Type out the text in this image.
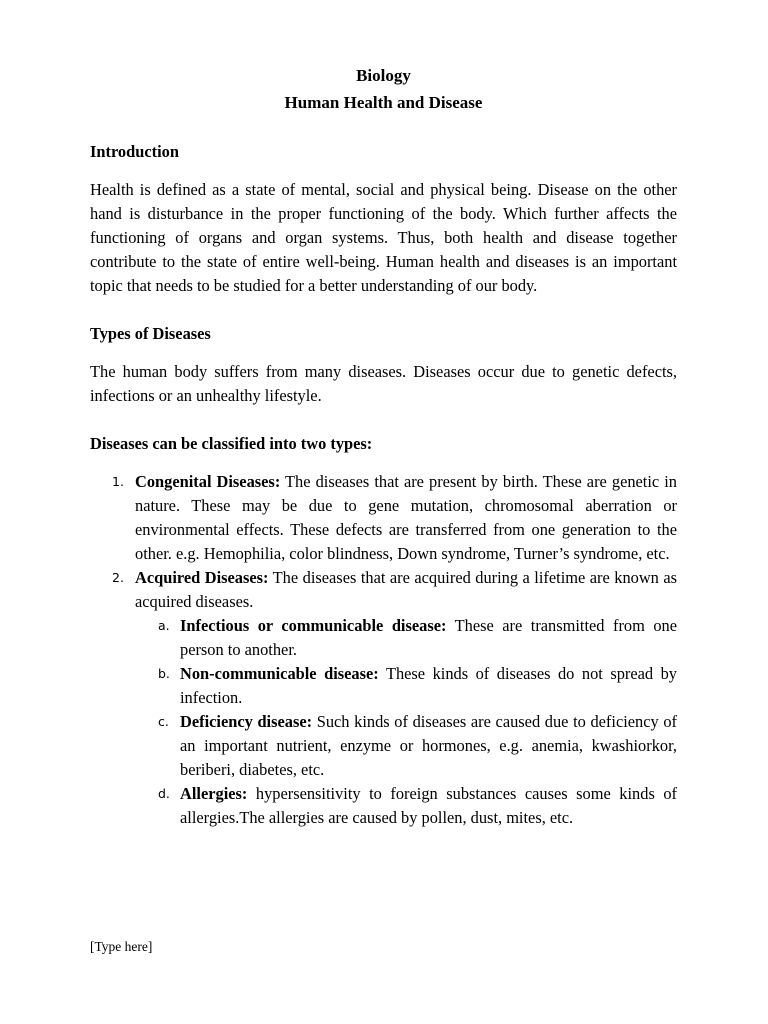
Biology
Human Health and Disease

Introduction

Health is defined as a state of mental, social and physical being. Disease on the other hand is disturbance in the proper functioning of the body. Which further affects the functioning of organs and organ systems. Thus, both health and disease together contribute to the state of entire well-being. Human health and diseases is an important topic that needs to be studied for a better understanding of our body.

Types of Diseases

The human body suffers from many diseases. Diseases occur due to genetic defects, infections or an unhealthy lifestyle.

Diseases can be classified into two types:

1. Congenital Diseases: The diseases that are present by birth. These are genetic in nature. These may be due to gene mutation, chromosomal aberration or environmental effects. These defects are transferred from one generation to the other. e.g. Hemophilia, color blindness, Down syndrome, Turner’s syndrome, etc.
2. Acquired Diseases: The diseases that are acquired during a lifetime are known as acquired diseases.
a. Infectious or communicable disease: These are transmitted from one person to another.
b. Non-communicable disease: These kinds of diseases do not spread by infection.
c. Deficiency disease: Such kinds of diseases are caused due to deficiency of an important nutrient, enzyme or hormones, e.g. anemia, kwashiorkor, beriberi, diabetes, etc.
d. Allergies: hypersensitivity to foreign substances causes some kinds of allergies.The allergies are caused by pollen, dust, mites, etc.
[Type here]
